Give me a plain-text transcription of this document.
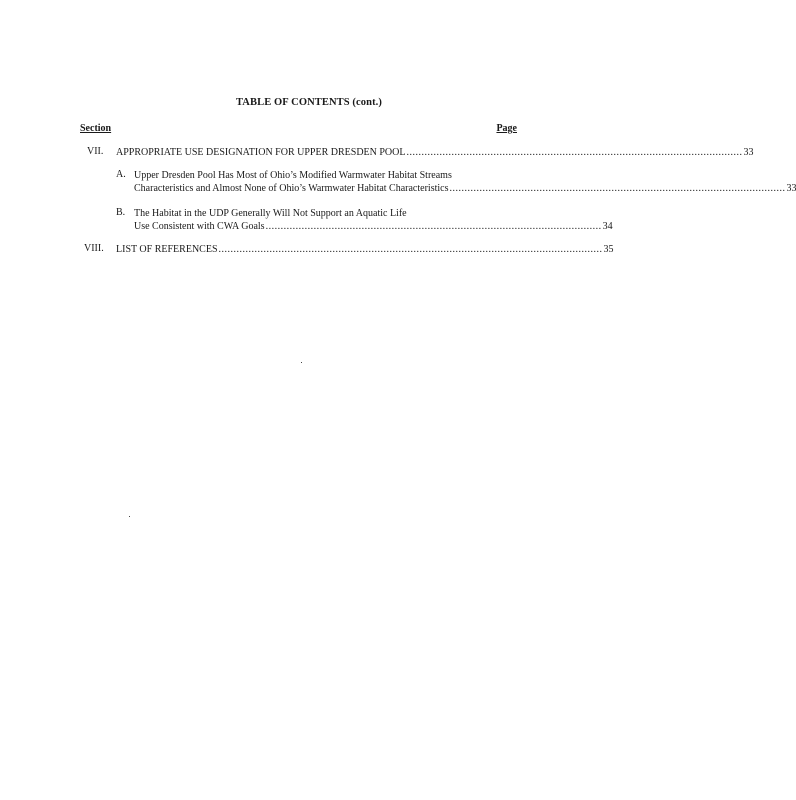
TABLE OF CONTENTS (cont.)
Section	Page
VII. APPROPRIATE USE DESIGNATION FOR UPPER DRESDEN POOL ................................................................................................................ 33
A. Upper Dresden Pool Has Most of Ohio’s Modified Warmwater Habitat Streams
Characteristics and Almost None of Ohio’s Warmwater Habitat Characteristics ................................................................................................................ 33
B. The Habitat in the UDP Generally Will Not Support an Aquatic Life
Use Consistent with CWA Goals ................................................................................................................ 34
VIII. LIST OF REFERENCES ................................................................................................................................ 35
